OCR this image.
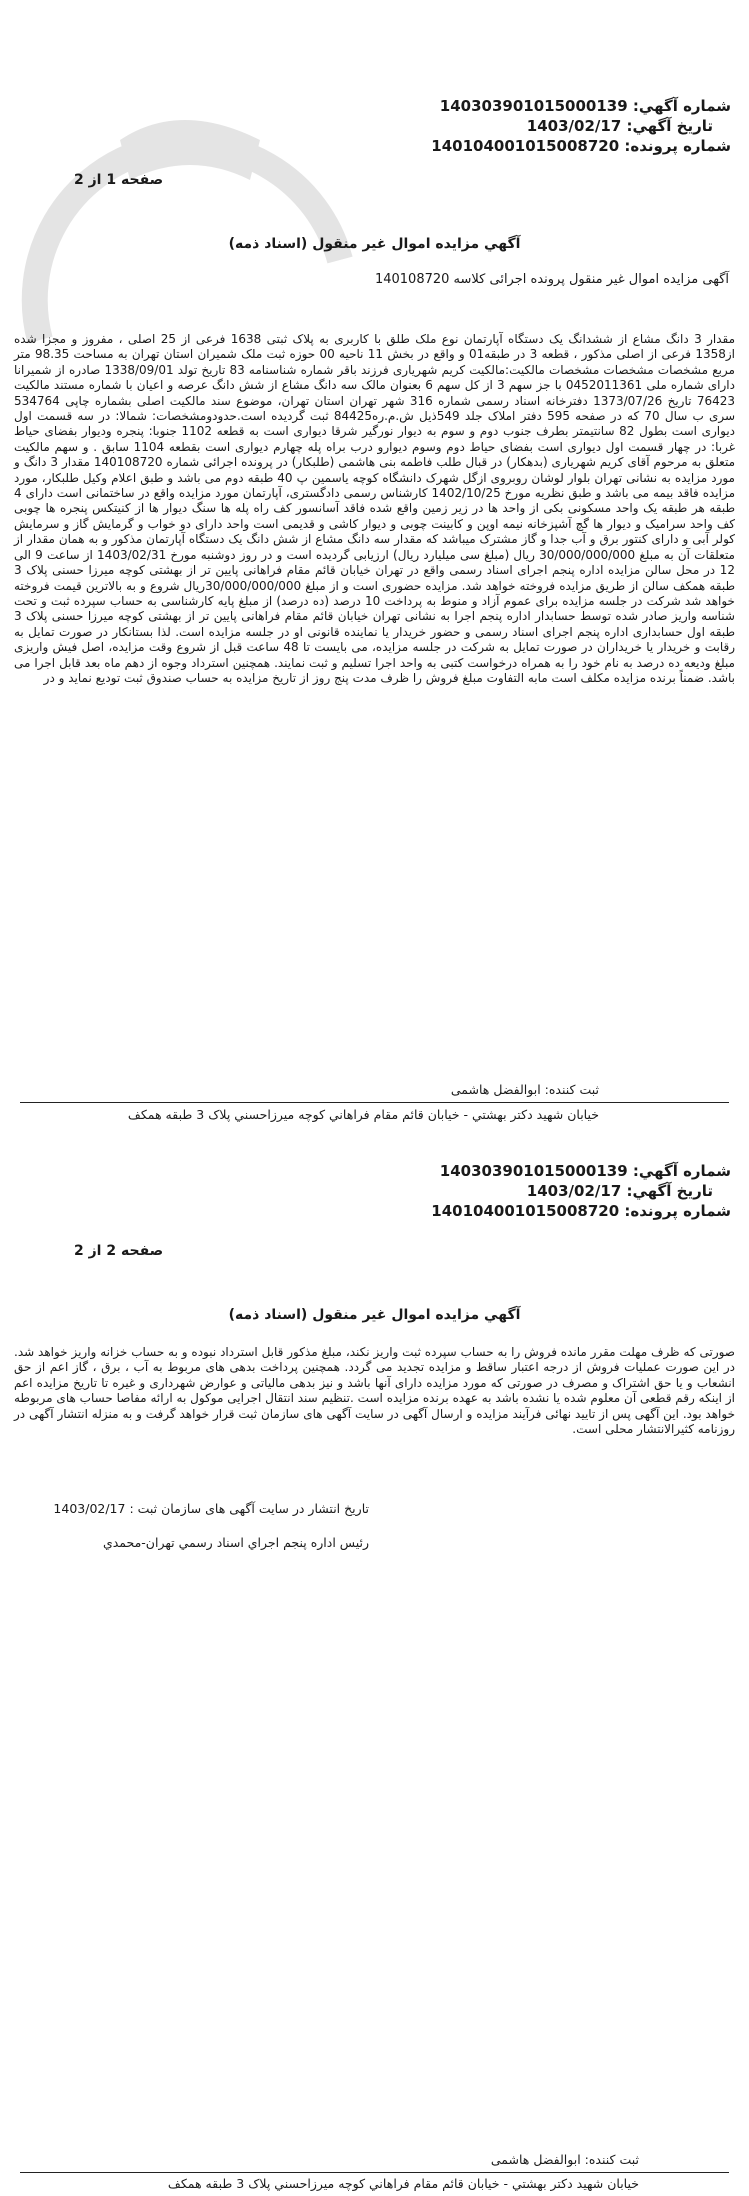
شماره آگهي: 140303901015000139
تاريخ آگهي: 1403/02/17
شماره پرونده: 140104001015008720
صفحه 1 از 2
آگهي مزايده اموال غير منقول (اسناد ذمه)
آگهی مزایده اموال غیر منقول پرونده اجرائی کلاسه 140108720
مقدار 3 دانگ مشاع از ششدانگ یک دستگاه آپارتمان نوع ملک طلق با کاربری به پلاک ثبتی 1638 فرعی از 25 اصلی ، مفروز و مجزا شده از1358 فرعی از اصلی مذکور ، قطعه 3 در طبقه01 و واقع در بخش 11 ناحیه 00 حوزه ثبت ملک شمیران استان تهران به مساحت 98.35 متر مربع مشخصات مشخصات مشخصات مالکیت:مالکیت کریم شهریاری فرزند باقر شماره شناسنامه 83 تاریخ تولد 1338/09/01 صادره از شمیرانا دارای شماره ملی 0452011361 با جز سهم 3 از کل سهم 6 بعنوان مالک سه دانگ مشاع از شش دانگ عرصه و اعیان با شماره مستند مالکیت 76423 تاریخ 1373/07/26 دفترخانه اسناد رسمی شماره 316 شهر تهران استان تهران، موضوع سند مالکیت اصلی بشماره چاپی 534764 سری ب سال 70 که در صفحه 595 دفتر املاک جلد 549ذیل ش.م.ره84425 ثبت گردیده است.حدودومشخصات: شمالا: در سه قسمت اول دیواری است بطول 82 سانتیمتر بطرف جنوب دوم و سوم به دیوار نورگیر شرقا دیواری است به قطعه 1102 جنوبا: پنجره ودیوار بفضای حیاط غربا: در چهار قسمت اول دیواری است بفضای حیاط دوم وسوم دیوارو درب براه پله چهارم دیواری است بقطعه 1104 سابق . و سهم مالکیت متعلق به مرحوم آقای کریم شهریاری (بدهکار) در قبال طلب فاطمه بنی هاشمی (طلبکار) در پرونده اجرائی شماره 140108720 مقدار 3 دانگ و مورد مزایده به نشانی تهران بلوار لوشان روبروی ازگل شهرک دانشگاه کوچه یاسمین پ 40 طبقه دوم می باشد و طبق اعلام وکیل طلبکار، مورد مزایده فاقد بیمه می باشد و طبق نظریه مورخ 1402/10/25 کارشناس رسمی دادگستری، آپارتمان مورد مزایده واقع در ساختمانی است دارای 4 طبقه هر طبقه یک واحد مسکونی بکی از واحد ها در زیر زمین واقع شده فاقد آسانسور کف راه پله ها سنگ دیوار ها از کنیتکس پنجره ها چوبی کف واحد سرامیک و دیوار ها گچ آشپزخانه نیمه اوپن و کابینت چوبی و دیوار کاشی و قدیمی است واحد دارای دو خواب و گرمایش گاز و سرمایش کولر آبی و دارای کنتور برق و آب جدا و گاز مشترک میباشد که مقدار سه دانگ مشاع از شش دانگ یک دستگاه آپارتمان مذکور و به همان مقدار از متعلقات آن به مبلغ 30/000/000/000 ریال (مبلغ سی میلیارد ریال) ارزیابی گردیده است و در روز دوشنبه مورخ 1403/02/31 از ساعت 9 الی 12 در محل سالن مزایده اداره پنجم اجرای اسناد رسمی واقع در تهران خیابان قائم مقام فراهانی پایین تر از بهشتی کوچه میرزا حسنی پلاک 3 طبقه همکف سالن از طریق مزایده فروخته خواهد شد. مزایده حضوری است و از مبلغ 30/000/000/000ریال شروع و به بالاترین قیمت فروخته خواهد شد شرکت در جلسه مزایده برای عموم آزاد و منوط به پرداخت 10 درصد (ده درصد) از مبلغ پایه کارشناسی به حساب سپرده ثبت و تحت شناسه واریز صادر شده توسط حسابدار اداره پنجم اجرا به نشانی تهران خیابان قائم مقام فراهانی پایین تر از بهشتی کوچه میرزا حسنی پلاک 3 طبقه اول حسابداری اداره پنجم اجرای اسناد رسمی و حضور خریدار یا نماینده قانونی او در جلسه مزایده است. لذا بستانکار در صورت تمایل به رقابت و خریدار یا خریداران در صورت تمایل به شرکت در جلسه مزایده، می بایست تا 48 ساعت قبل از شروع وقت مزایده، اصل فیش واریزی مبلغ ودیعه ده درصد به نام خود را به همراه درخواست کتبی به واحد اجرا تسلیم و ثبت نمایند. همچنین استرداد وجوه از دهم ماه بعد قابل اجرا می باشد. ضمناً برنده مزایده مکلف است مابه التفاوت مبلغ فروش را ظرف مدت پنج روز از تاریخ مزایده به حساب صندوق ثبت توديع نمايد و در
ثبت کننده: ابوالفضل هاشمی
خیابان شهید دکتر بهشتي - خيابان قائم مقام فراهاني کوچه ميرزاحسني پلاک 3 طبقه همکف
شماره آگهي: 140303901015000139
تاريخ آگهي: 1403/02/17
شماره پرونده: 140104001015008720
صفحه 2 از 2
آگهي مزايده اموال غير منقول (اسناد ذمه)
صورتی که ظرف مهلت مقرر مانده فروش را به حساب سپرده ثبت واریز نکند، مبلغ مذکور قابل استرداد نبوده و به حساب خزانه واریز خواهد شد. در این صورت عملیات فروش از درجه اعتبار ساقط و مزایده تجدید می گردد. همچنین پرداخت بدهی های مربوط به آب ، برق ، گاز اعم از حق انشعاب و یا حق اشتراک و مصرف در صورتی که مورد مزایده دارای آنها باشد و نیز بدهی مالیاتی و عوارض شهرداری و غیره تا تاریخ مزایده اعم از اینکه رقم قطعی آن معلوم شده یا نشده باشد به عهده برنده مزایده است .تنظیم سند انتقال اجرایی موکول به ارائه مفاصا حساب های مربوطه خواهد بود. این آگهی پس از تایید نهائی فرآیند مزایده و ارسال آگهی در سایت آگهی های سازمان ثبت قرار خواهد گرفت و به منزله انتشار آگهی در روزنامه کثیرالانتشار محلی است.
تاريخ انتشار در سايت آگهی های سازمان ثبت : 1403/02/17
رئيس اداره پنجم اجراي اسناد رسمي تهران-محمدي
ثبت کننده: ابوالفضل هاشمی
خیابان شهید دکتر بهشتي - خيابان قائم مقام فراهاني کوچه ميرزاحسني پلاک 3 طبقه همکف
